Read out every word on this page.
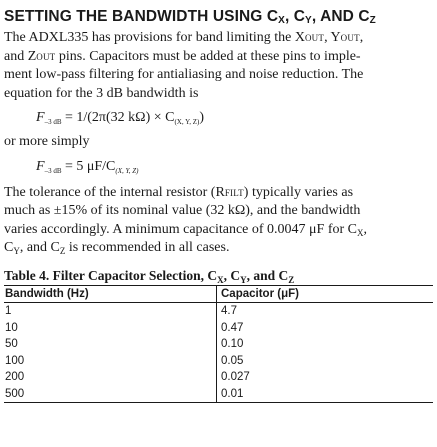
SETTING THE BANDWIDTH USING $C_X$, $C_Y$, AND $C_Z$
The ADXL335 has provisions for band limiting the XOUT, YOUT,
and ZOUT pins. Capacitors must be added at these pins to imple-
ment low-pass filtering for antialiasing and noise reduction. The
equation for the 3 dB bandwidth is
$F_{-3 dB} = 1/(2\pi(32$ $k\Omega) \times C_{(X, Y, Z)}$)
or more simply
$F_{-3 dB} = 5$ $\mu F/C_{(X, Y, Z)}$
The tolerance of the internal resistor (RFILT) typically varies as
much as ±15% of its nominal value (32 kΩ), and the bandwidth
varies accordingly. A minimum capacitance of 0.0047 μF for $C_X$,
$C_Y$, and $C_Z$ is recommended in all cases.
Table 4. Filter Capacitor Selection, $C_X$, $C_Y$, and $C_Z$
Bandwidth (Hz)	Capacitor (μF)
1	4.7
10	0.47
50	0.10
100	0.05
200	0.027
500	0.01
